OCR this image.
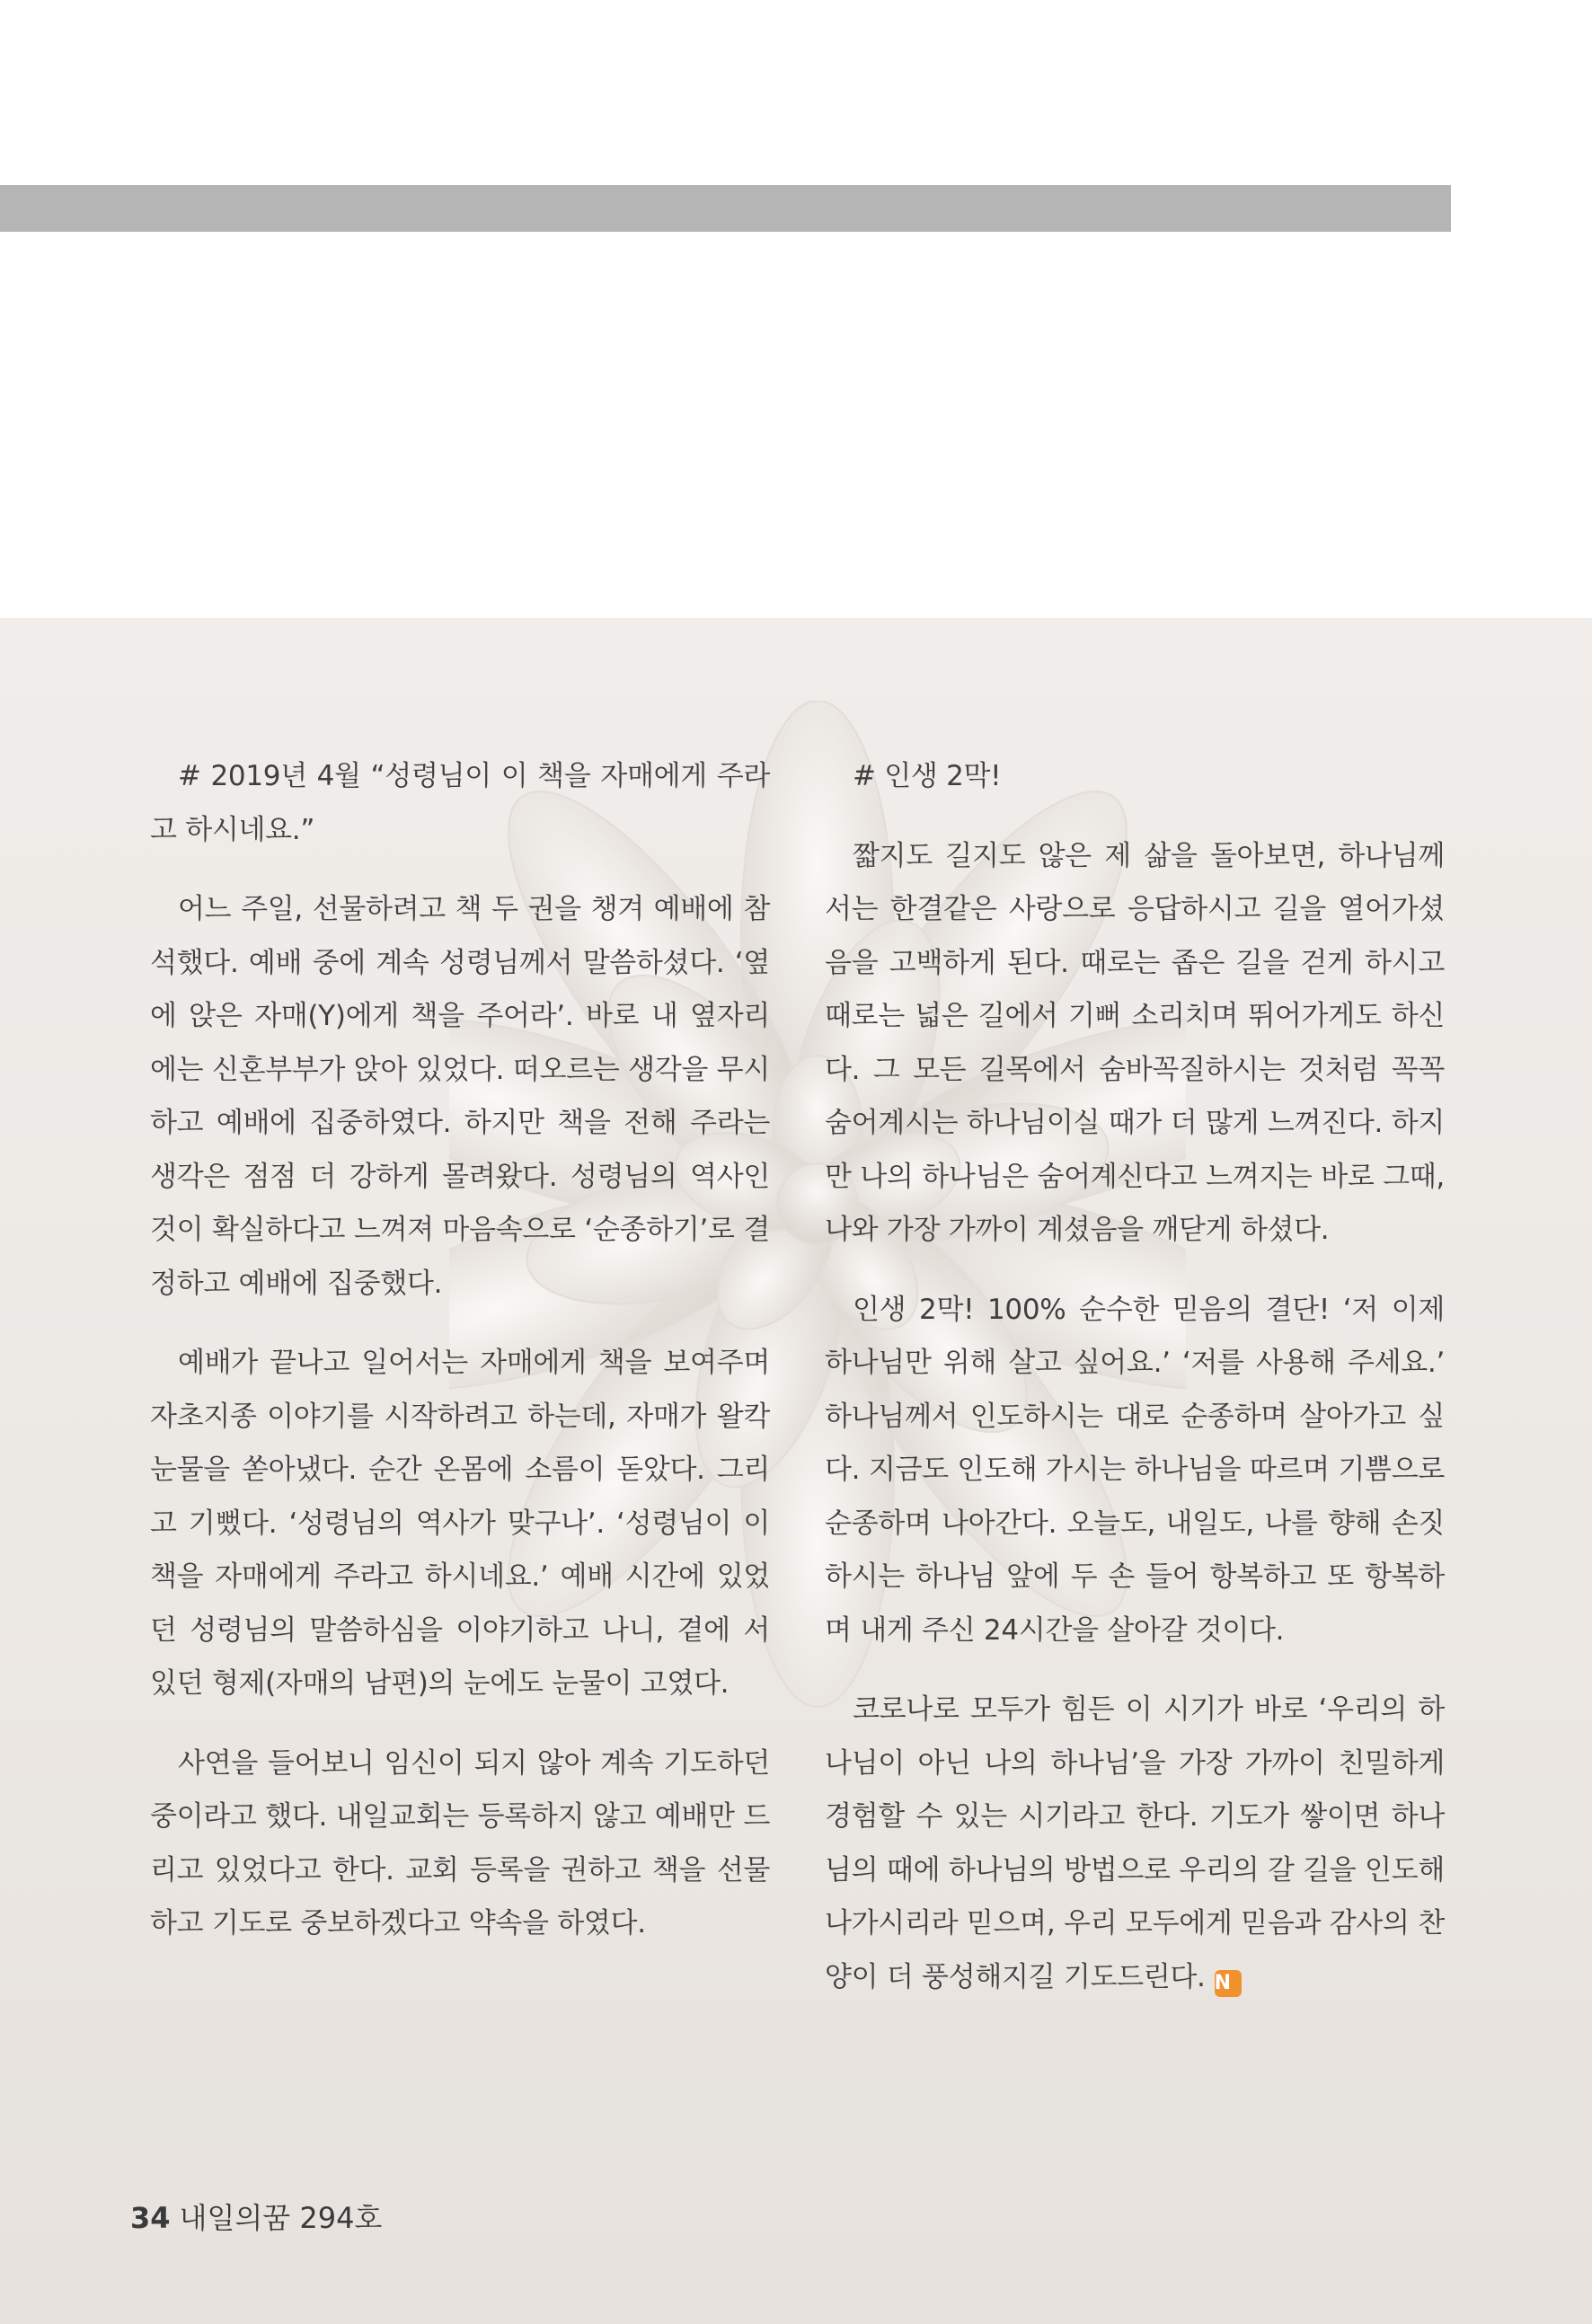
# 2019년 4월 “성령님이 이 책을 자매에게 주라고 하시네요.”

어느 주일, 선물하려고 책 두 권을 챙겨 예배에 참석했다. 예배 중에 계속 성령님께서 말씀하셨다. ‘옆에 앉은 자매(Y)에게 책을 주어라’. 바로 내 옆자리에는 신혼부부가 앉아 있었다. 떠오르는 생각을 무시하고 예배에 집중하였다. 하지만 책을 전해 주라는 생각은 점점 더 강하게 몰려왔다. 성령님의 역사인 것이 확실하다고 느껴져 마음속으로 ‘순종하기’로 결정하고 예배에 집중했다.

예배가 끝나고 일어서는 자매에게 책을 보여주며 자초지종 이야기를 시작하려고 하는데, 자매가 왈칵 눈물을 쏟아냈다. 순간 온몸에 소름이 돋았다. 그리고 기뻤다. ‘성령님의 역사가 맞구나’. ‘성령님이 이 책을 자매에게 주라고 하시네요.’ 예배 시간에 있었던 성령님의 말씀하심을 이야기하고 나니, 곁에 서 있던 형제(자매의 남편)의 눈에도 눈물이 고였다.

사연을 들어보니 임신이 되지 않아 계속 기도하던 중이라고 했다. 내일교회는 등록하지 않고 예배만 드리고 있었다고 한다. 교회 등록을 권하고 책을 선물하고 기도로 중보하겠다고 약속을 하였다.

# 인생 2막!

짧지도 길지도 않은 제 삶을 돌아보면, 하나님께서는 한결같은 사랑으로 응답하시고 길을 열어가셨음을 고백하게 된다. 때로는 좁은 길을 걷게 하시고 때로는 넓은 길에서 기뻐 소리치며 뛰어가게도 하신다. 그 모든 길목에서 숨바꼭질하시는 것처럼 꼭꼭 숨어계시는 하나님이실 때가 더 많게 느껴진다. 하지만 나의 하나님은 숨어계신다고 느껴지는 바로 그때, 나와 가장 가까이 계셨음을 깨닫게 하셨다.

인생 2막! 100% 순수한 믿음의 결단! ‘저 이제 하나님만 위해 살고 싶어요.’ ‘저를 사용해 주세요.’ 하나님께서 인도하시는 대로 순종하며 살아가고 싶다. 지금도 인도해 가시는 하나님을 따르며 기쁨으로 순종하며 나아간다. 오늘도, 내일도, 나를 향해 손짓하시는 하나님 앞에 두 손 들어 항복하고 또 항복하며 내게 주신 24시간을 살아갈 것이다.

코로나로 모두가 힘든 이 시기가 바로 ‘우리의 하나님이 아닌 나의 하나님’을 가장 가까이 친밀하게 경험할 수 있는 시기라고 한다. 기도가 쌓이면 하나님의 때에 하나님의 방법으로 우리의 갈 길을 인도해 나가시리라 믿으며, 우리 모두에게 믿음과 감사의 찬양이 더 풍성해지길 기도드린다. N

34 내일의꿈 294호
